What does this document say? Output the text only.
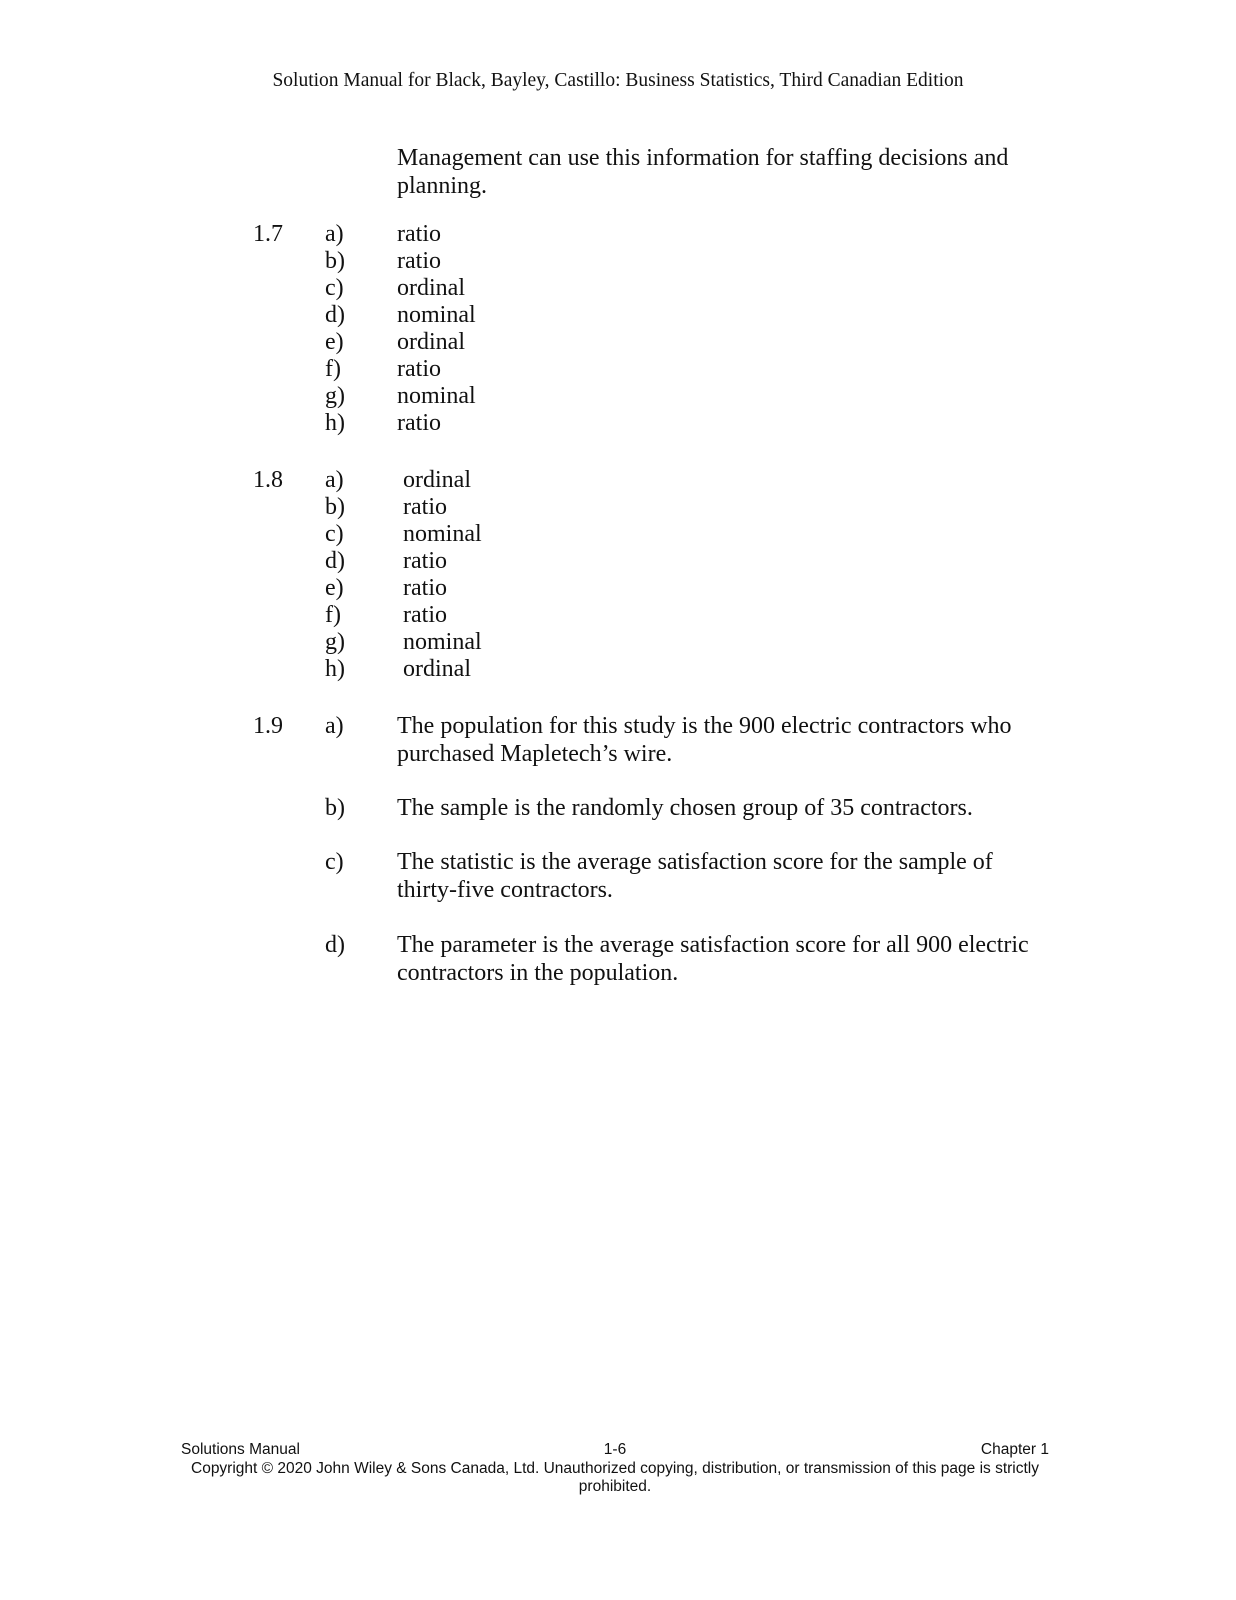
Solution Manual for Black, Bayley, Castillo: Business Statistics, Third Canadian Edition
Management can use this information for staffing decisions and planning.
1.7 a) ratio
b) ratio
c) ordinal
d) nominal
e) ordinal
f) ratio
g) nominal
h) ratio
1.8 a) ordinal
b) ratio
c) nominal
d) ratio
e) ratio
f)	ratio
g) nominal
h) ordinal
1.9 a) The population for this study is the 900 electric contractors who purchased Mapletech’s wire.
b) The sample is the randomly chosen group of 35 contractors.
c) The statistic is the average satisfaction score for the sample of thirty-five contractors.
d) The parameter is the average satisfaction score for all 900 electric contractors in the population.
1-6
Solutions Manual	Chapter 1
Copyright © 2020 John Wiley & Sons Canada, Ltd. Unauthorized copying, distribution, or transmission of this page is strictly prohibited.
